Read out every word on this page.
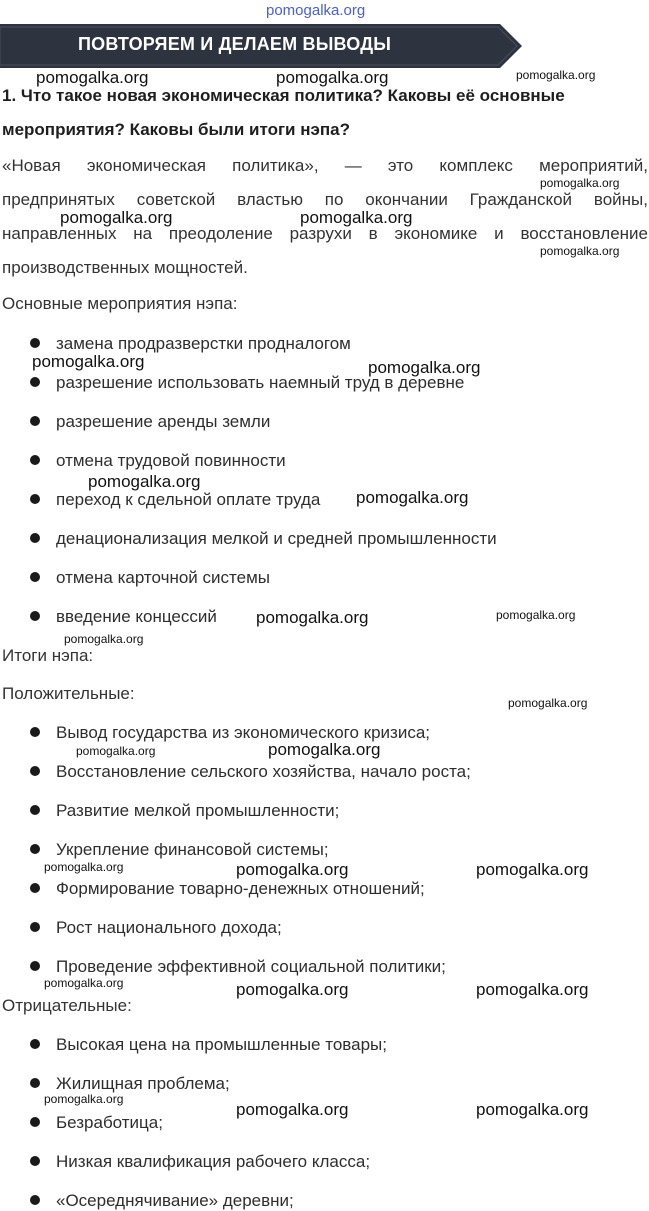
pomogalka.org
ПОВТОРЯЕМ И ДЕЛАЕМ ВЫВОДЫ
1. Что такое новая экономическая политика? Каковы её основные
мероприятия? Каковы были итоги нэпа?
«Новая экономическая политика», — это комплекс мероприятий,
предпринятых советской властью по окончании Гражданской войны,
направленных на преодоление разрухи в экономике и восстановление
производственных мощностей.
Основные мероприятия нэпа:
замена продразверстки продналогом
разрешение использовать наемный труд в деревне
разрешение аренды земли
отмена трудовой повинности
переход к сдельной оплате труда
денационализация мелкой и средней промышленности
отмена карточной системы
введение концессий
Итоги нэпа:
Положительные:
Вывод государства из экономического кризиса;
Восстановление сельского хозяйства, начало роста;
Развитие мелкой промышленности;
Укрепление финансовой системы;
Формирование товарно-денежных отношений;
Рост национального дохода;
Проведение эффективной социальной политики;
Отрицательные:
Высокая цена на промышленные товары;
Жилищная проблема;
Безработица;
Низкая квалификация рабочего класса;
«Осереднячивание» деревни;
pomogalka.org	pomogalka.org	pomogalka.org
pomogalka.org
pomogalka.org	pomogalka.org
pomogalka.org
pomogalka.org	pomogalka.org
pomogalka.org
pomogalka.org
pomogalka.org	pomogalka.org
pomogalka.org
pomogalka.org
pomogalka.org	pomogalka.org
pomogalka.org	pomogalka.org	pomogalka.org
pomogalka.org	pomogalka.org	pomogalka.org
pomogalka.org
pomogalka.org	pomogalka.org
